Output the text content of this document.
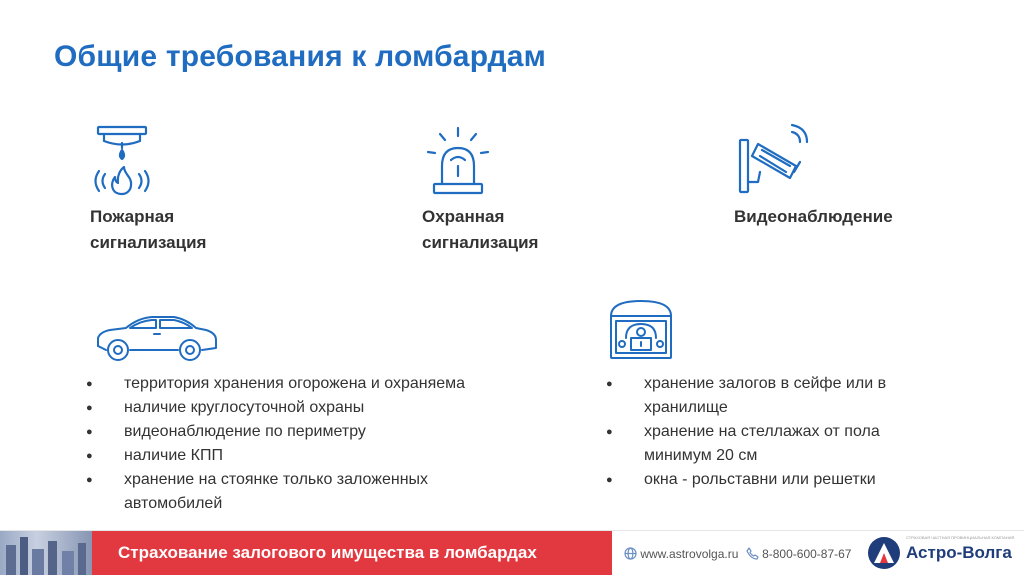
Общие требования к ломбардам
Пожарная
сигнализация
Охранная
сигнализация
Видеонаблюдение
● территория хранения огорожена и охраняема
● наличие круглосуточной охраны
● видеонаблюдение по периметру
● наличие КПП
● хранение на стоянке только заложенных автомобилей
● хранение залогов в сейфе или в хранилище
● хранение на стеллажах от пола минимум 20 см
● окна - рольставни или решетки
Страхование залогового имущества в ломбардах	www.astrovolga.ru 8-800-600-87-67
СТРАХОВАЯ ЧАСТНАЯ ПРОВИНЦИАЛЬНАЯ КОМПАНИЯ
Астро-Волга
